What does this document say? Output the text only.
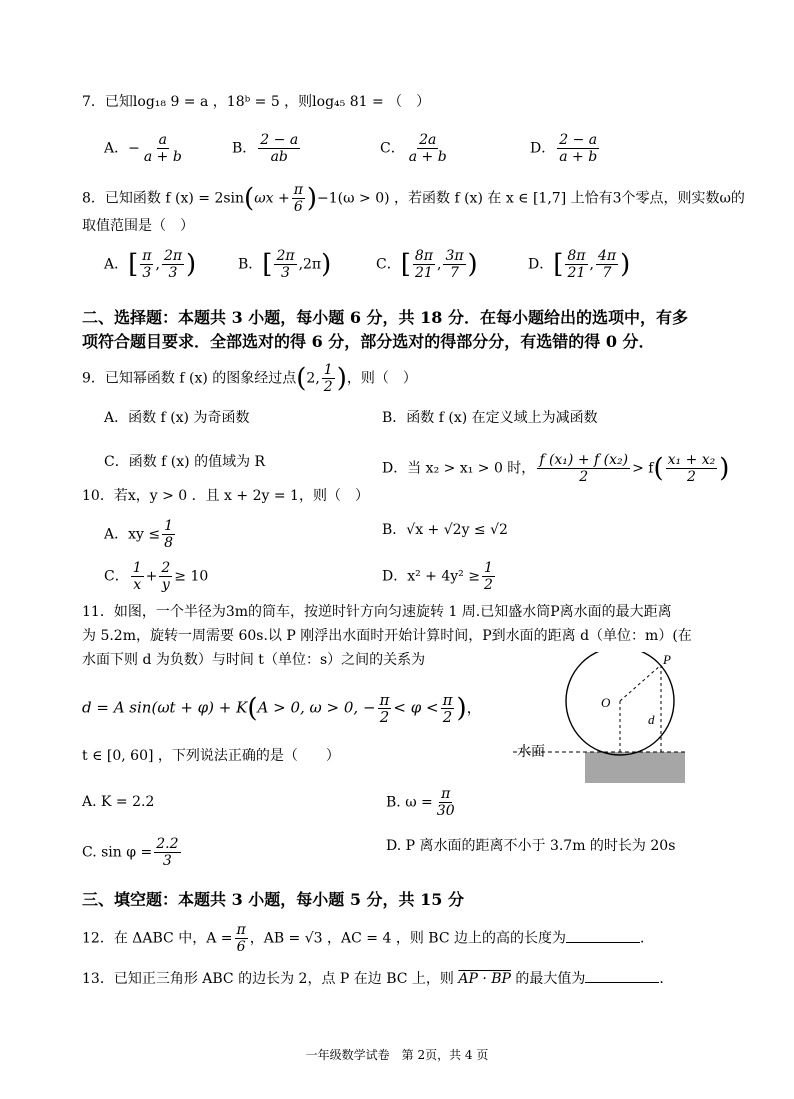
7．已知log₁₈ 9 = a ，18ᵇ = 5 ，则log₄₅ 81 = （　）
A．− $\frac{a}{a + b}$	B． $\frac{2 - a}{ab}$	C． $\frac{2a}{a + b}$	D． $\frac{2 - a}{a + b}$
8．已知函数 f $(x) = 2\sin(\omega x + \frac{\pi}{6} )-1(\omega > 0)$ ，若函数 f (x) 在 x ∈ [1,7] 上恰有3个零点，则实数ω的
取值范围是（　）
A．[ $\frac{\pi}{3}$ , $\frac{2\pi}{3}$ )	B．[ $\frac{2\pi}{3} ,2\pi$)	C．[ $\frac{8\pi}{21}$ , $\frac{3\pi}{7}$ )	D．[ $\frac{8\pi}{21}$ , $\frac{4\pi}{7}$ )
二、选择题：本题共 3 小题，每小题 6 分，共 18 分．在每小题给出的选项中，有多
项符合题目要求．全部选对的得 6 分，部分选对的得部分分，有选错的得 0 分．
9．已知幂函数 f (x) 的图象经过点(2, $\frac{1}{2}$ )，则（　）
A．函数 f (x) 为奇函数	B．函数 f (x) 在定义域上为减函数
C．函数 f (x) 的值域为 R	D．当 x₂ > x₁ > 0 时， $\frac{\text{f (x₁) + f (x₂)}}{2} > f( \frac{\text{x₁ + x₂}}{2}$ )
10．若x，y > 0 ．且 x + 2y = 1，则（　）
A．xy ≤ $\frac{1}{8}$	B．√x + √2y ≤ √2
C． $\frac{1}{x} + \frac{2}{y} \ge 10$	D．$x^2 + 4y^2 \ge \frac{1}{2}$
11．如图，一个半径为3m的筒车，按逆时针方向匀速旋转 1 周.已知盛水筒P离水面的最大距离
为 5.2m，旋转一周需要 60s.以 P 刚浮出水面时开始计算时间，P到水面的距离 d（单位：m）(在
水面下则 d 为负数）与时间 t（单位：s）之间的关系为
d = A sin(ωt + φ) + K(A > 0, ω > 0, − $\frac{\pi}{2} < \varphi < \frac{\pi}{2}$ )，
t ∈ [0, 60] ，下列说法正确的是（　　）
A. K = 2.2	B. $\omega = \frac{\pi}{30}$
C. $\sin \varphi = \frac{2.2}{3}$	D. P 离水面的距离不小于 3.7m 的时长为 20s
P
O
d
水面
三、填空题：本题共 3 小题，每小题 5 分，共 15 分
12．在 ΔABC 中，$A = \frac{\pi}{6}$ ，AB = √3 ，AC = 4 ，则 BC 边上的高的长度为	．
13．已知正三角形 ABC 的边长为 2，点 P 在边 BC 上，则 AP · BP 的最大值为	．
一年级数学试卷　第 2页，共 4 页
